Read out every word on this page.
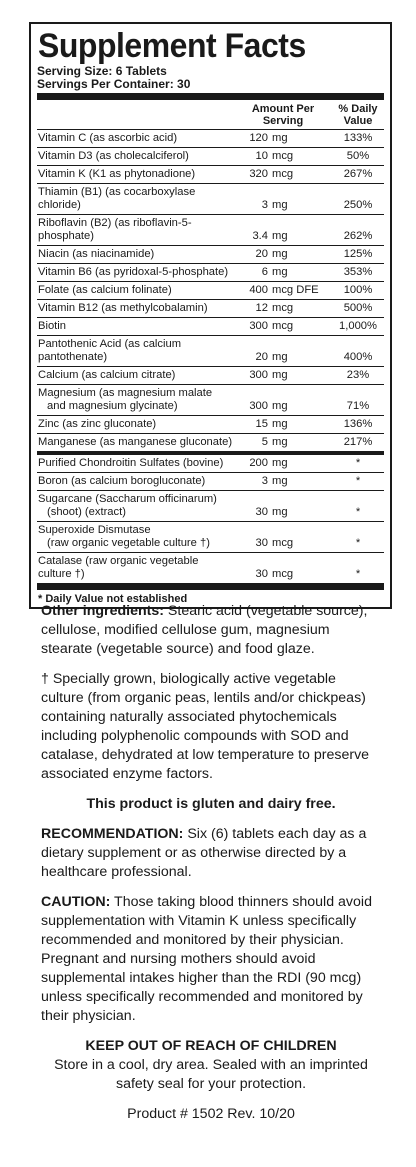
Supplement Facts
Serving Size: 6 Tablets
Servings Per Container: 30
Amount Per
Serving
% Daily
Value
Vitamin C (as ascorbic acid)	120 mg	133%
Vitamin D3 (as cholecalciferol)	10 mcg	50%
Vitamin K (K1 as phytonadione)	320 mcg	267%
Thiamin (B1) (as cocarboxylase chloride)	3 mg	250%
Riboflavin (B2) (as riboflavin-5-phosphate)	3.4 mg	262%
Niacin (as niacinamide)	20 mg	125%
Vitamin B6 (as pyridoxal-5-phosphate)	6 mg	353%
Folate (as calcium folinate)	400 mcg DFE	100%
Vitamin B12 (as methylcobalamin)	12 mcg	500%
Biotin	300 mcg	1,000%
Pantothenic Acid (as calcium pantothenate)	20 mg	400%
Calcium (as calcium citrate)	300 mg	23%
Magnesium (as magnesium malate
and magnesium glycinate)	300 mg	71%
Zinc (as zinc gluconate)	15 mg	136%
Manganese (as manganese gluconate)	5 mg	217%
Purified Chondroitin Sulfates (bovine)	200 mg	*
Boron (as calcium borogluconate)	3 mg	*
Sugarcane (Saccharum officinarum)
(shoot) (extract)	30 mg	*
Superoxide Dismutase
(raw organic vegetable culture †)	30 mcg	*
Catalase (raw organic vegetable culture †)	30 mcg	*
* Daily Value not established

Other ingredients: Stearic acid (vegetable source), cellulose, modified cellulose gum, magnesium stearate (vegetable source) and food glaze.

† Specially grown, biologically active vegetable culture (from organic peas, lentils and/or chickpeas) containing naturally associated phytochemicals including polyphenolic compounds with SOD and catalase, dehydrated at low temperature to preserve associated enzyme factors.

This product is gluten and dairy free.

RECOMMENDATION: Six (6) tablets each day as a dietary supplement or as otherwise directed by a healthcare professional.

CAUTION: Those taking blood thinners should avoid supplementation with Vitamin K unless specifically recommended and monitored by their physician. Pregnant and nursing mothers should avoid supplemental intakes higher than the RDI (90 mcg) unless specifically recommended and monitored by their physician.

KEEP OUT OF REACH OF CHILDREN

Store in a cool, dry area. Sealed with an imprinted safety seal for your protection.

Product # 1502 Rev. 10/20
